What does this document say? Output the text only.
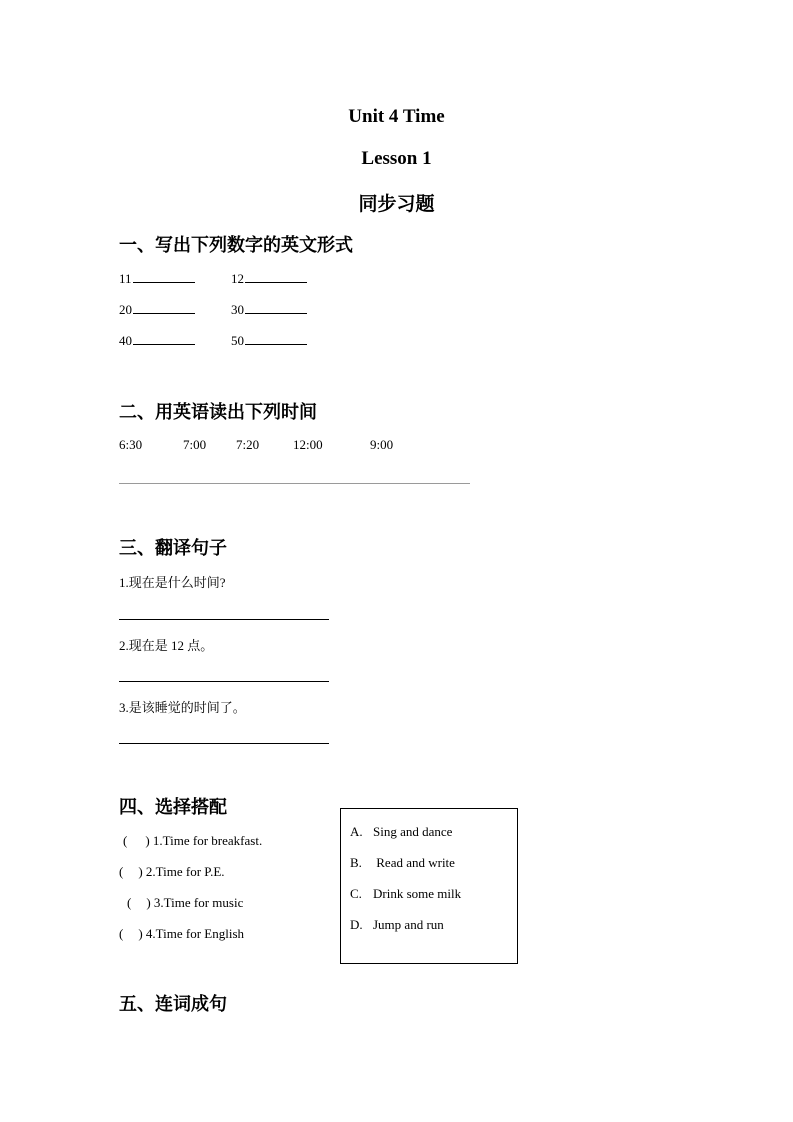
Unit 4 Time
Lesson 1
同步习题
一、写出下列数字的英文形式
11	12
20	30
40	50
二、用英语读出下列时间
6:30	7:00 7:20	12:00	9:00
三、翻译句子
1.现在是什么时间?
2.现在是 12 点。
3.是该睡觉的时间了。
四、选择搭配
( ) 1.Time for breakfast.
( ) 2.Time for P.E.
( ) 3.Time for music
( ) 4.Time for English
A. Sing and dance
B. Read and write
C. Drink some milk
D. Jump and run
五、连词成句
